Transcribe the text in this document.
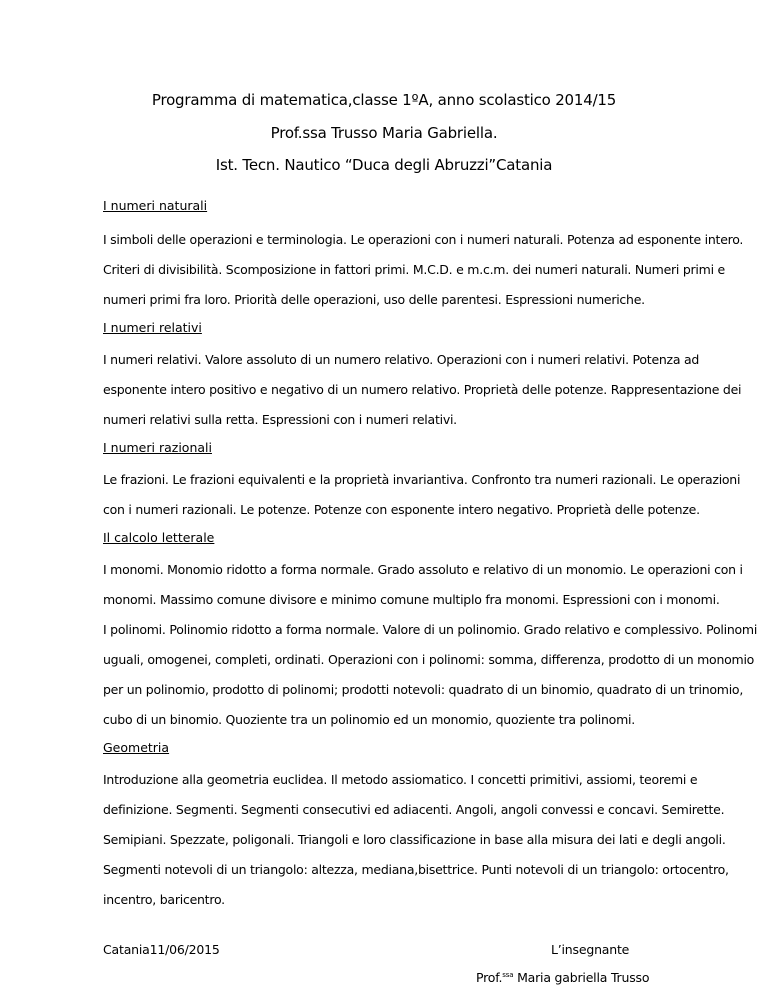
Programma di matematica,classe 1ºA, anno scolastico 2014/15
Prof.ssa Trusso Maria Gabriella.
Ist. Tecn. Nautico “Duca degli Abruzzi”Catania
I numeri naturali
I simboli delle operazioni e terminologia. Le operazioni con i numeri naturali. Potenza ad esponente intero.
Criteri di divisibilità. Scomposizione in fattori primi. M.C.D. e m.c.m. dei numeri naturali. Numeri primi e
numeri primi fra loro. Priorità delle operazioni, uso delle parentesi. Espressioni numeriche.
I numeri relativi
I numeri relativi. Valore assoluto di un numero relativo. Operazioni con i numeri relativi. Potenza ad
esponente intero positivo e negativo di un numero relativo. Proprietà delle potenze. Rappresentazione dei
numeri relativi sulla retta. Espressioni con i numeri relativi.
I numeri razionali
Le frazioni. Le frazioni equivalenti e la proprietà invariantiva. Confronto tra numeri razionali. Le operazioni
con i numeri razionali. Le potenze. Potenze con esponente intero negativo. Proprietà delle potenze.
Il calcolo letterale
I monomi. Monomio ridotto a forma normale. Grado assoluto e relativo di un monomio. Le operazioni con i
monomi. Massimo comune divisore e minimo comune multiplo fra monomi. Espressioni con i monomi.
I polinomi. Polinomio ridotto a forma normale. Valore di un polinomio. Grado relativo e complessivo. Polinomi
uguali, omogenei, completi, ordinati. Operazioni con i polinomi: somma, differenza, prodotto di un monomio
per un polinomio, prodotto di polinomi; prodotti notevoli: quadrato di un binomio, quadrato di un trinomio,
cubo di un binomio. Quoziente tra un polinomio ed un monomio, quoziente tra polinomi.
Geometria
Introduzione alla geometria euclidea. Il metodo assiomatico. I concetti primitivi, assiomi, teoremi e
definizione. Segmenti. Segmenti consecutivi ed adiacenti. Angoli, angoli convessi e concavi. Semirette.
Semipiani. Spezzate, poligonali. Triangoli e loro classificazione in base alla misura dei lati e degli angoli.
Segmenti notevoli di un triangolo: altezza, mediana,bisettrice. Punti notevoli di un triangolo: ortocentro,
incentro, baricentro.
Catania11/06/2015	L’insegnante
Prof.$^{ssa}$ Maria gabriella Trusso
